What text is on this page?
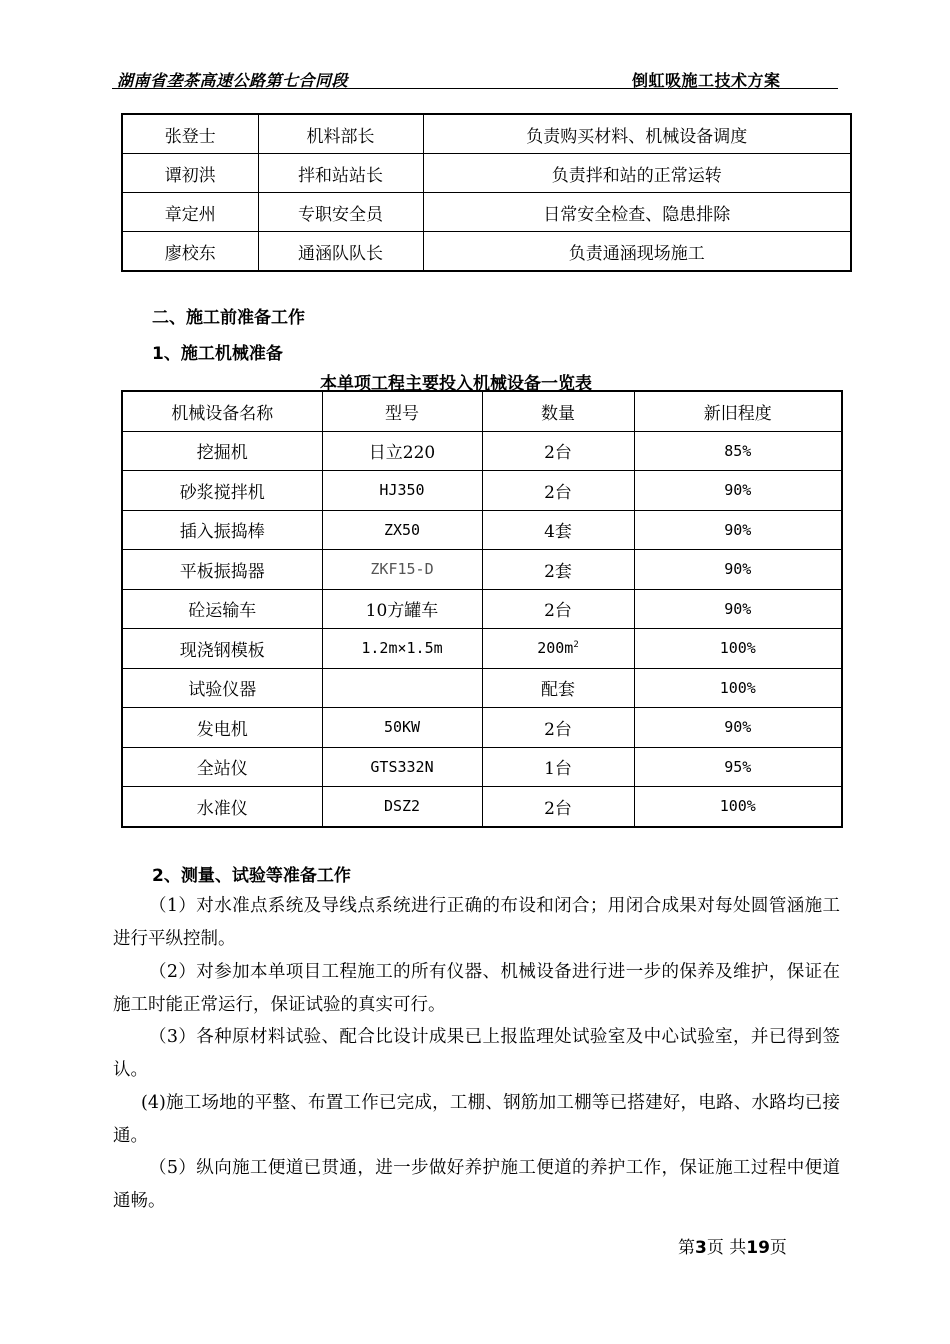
湖南省垄茶高速公路第七合同段	倒虹吸施工技术方案
张登士	机料部长	负责购买材料、机械设备调度
谭初洪	拌和站站长	负责拌和站的正常运转
章定州	专职安全员	日常安全检查、隐患排除
廖校东	通涵队队长	负责通涵现场施工
二、施工前准备工作
1、施工机械准备
本单项工程主要投入机械设备一览表
机械设备名称	型号	数量	新旧程度
挖掘机	日立220	2台	85%
砂浆搅拌机	HJ350	2台	90%
插入振捣棒	ZX50	4套	90%
平板振捣器	ZKF15-D	2套	90%
砼运输车	10方罐车	2台	90%
现浇钢模板	1.2m×1.5m	$200m^2$	100%
试验仪器		配套	100%
发电机	50KW	2台	90%
全站仪	GTS332N	1台	95%
水准仪	DSZ2	2台	100%
2、测量、试验等准备工作

（1）对水准点系统及导线点系统进行正确的布设和闭合；用闭合成果对每处圆管涵施工进行平纵控制。

（2）对参加本单项目工程施工的所有仪器、机械设备进行进一步的保养及维护，保证在施工时能正常运行，保证试验的真实可行。

（3）各种原材料试验、配合比设计成果已上报监理处试验室及中心试验室，并已得到签认。

(4)施工场地的平整、布置工作已完成，工棚、钢筋加工棚等已搭建好，电路、水路均已接通。

（5）纵向施工便道已贯通，进一步做好养护施工便道的养护工作，保证施工过程中便道通畅。

第3页 共19页
